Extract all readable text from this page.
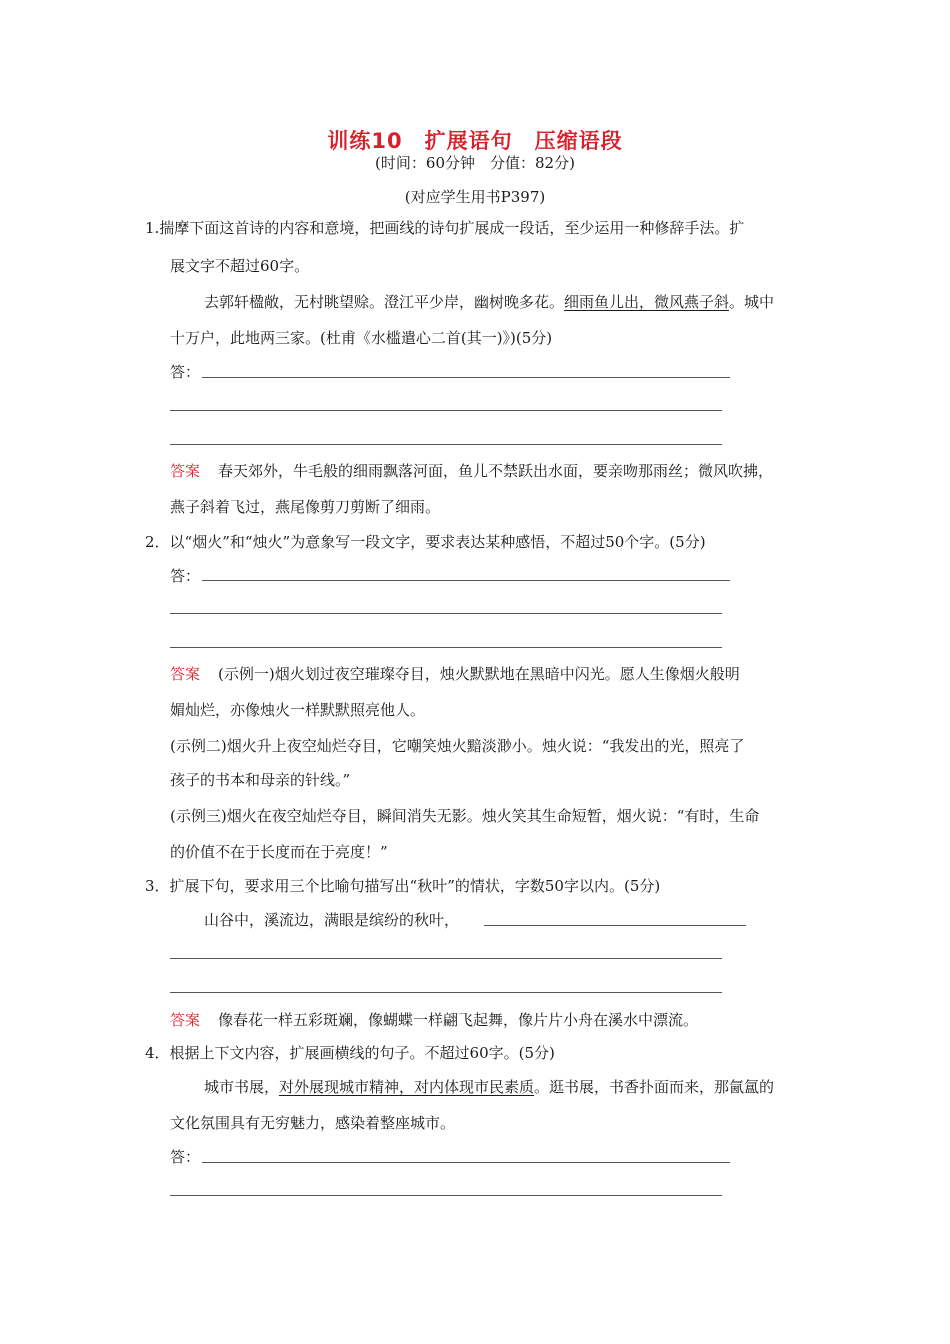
训练10　扩展语句　压缩语段
(时间：60分钟　分值：82分)
(对应学生用书P397)
1.揣摩下面这首诗的内容和意境，把画线的诗句扩展成一段话，至少运用一种修辞手法。扩
展文字不超过60字。
去郭轩楹敞，无村眺望赊。澄江平少岸，幽树晚多花。细雨鱼儿出，微风燕子斜。城中
十万户，此地两三家。(杜甫《水槛遣心二首(其一)》)(5分)
答：
答案 春天郊外，牛毛般的细雨飘落河面，鱼儿不禁跃出水面，要亲吻那雨丝；微风吹拂，
燕子斜着飞过，燕尾像剪刀剪断了细雨。
2．以“烟火”和“烛火”为意象写一段文字，要求表达某种感悟，不超过50个字。(5分)
答：
答案 (示例一)烟火划过夜空璀璨夺目，烛火默默地在黑暗中闪光。愿人生像烟火般明
媚灿烂，亦像烛火一样默默照亮他人。
(示例二)烟火升上夜空灿烂夺目，它嘲笑烛火黯淡渺小。烛火说：“我发出的光，照亮了
孩子的书本和母亲的针线。”
(示例三)烟火在夜空灿烂夺目，瞬间消失无影。烛火笑其生命短暂，烟火说：“有时，生命
的价值不在于长度而在于亮度！”
3．扩展下句，要求用三个比喻句描写出“秋叶”的情状，字数50字以内。(5分)
山谷中，溪流边，满眼是缤纷的秋叶，
答案 像春花一样五彩斑斓，像蝴蝶一样翩飞起舞，像片片小舟在溪水中漂流。
4．根据上下文内容，扩展画横线的句子。不超过60字。(5分)
城市书展，对外展现城市精神，对内体现市民素质。逛书展，书香扑面而来，那氤氲的
文化氛围具有无穷魅力，感染着整座城市。
答：
